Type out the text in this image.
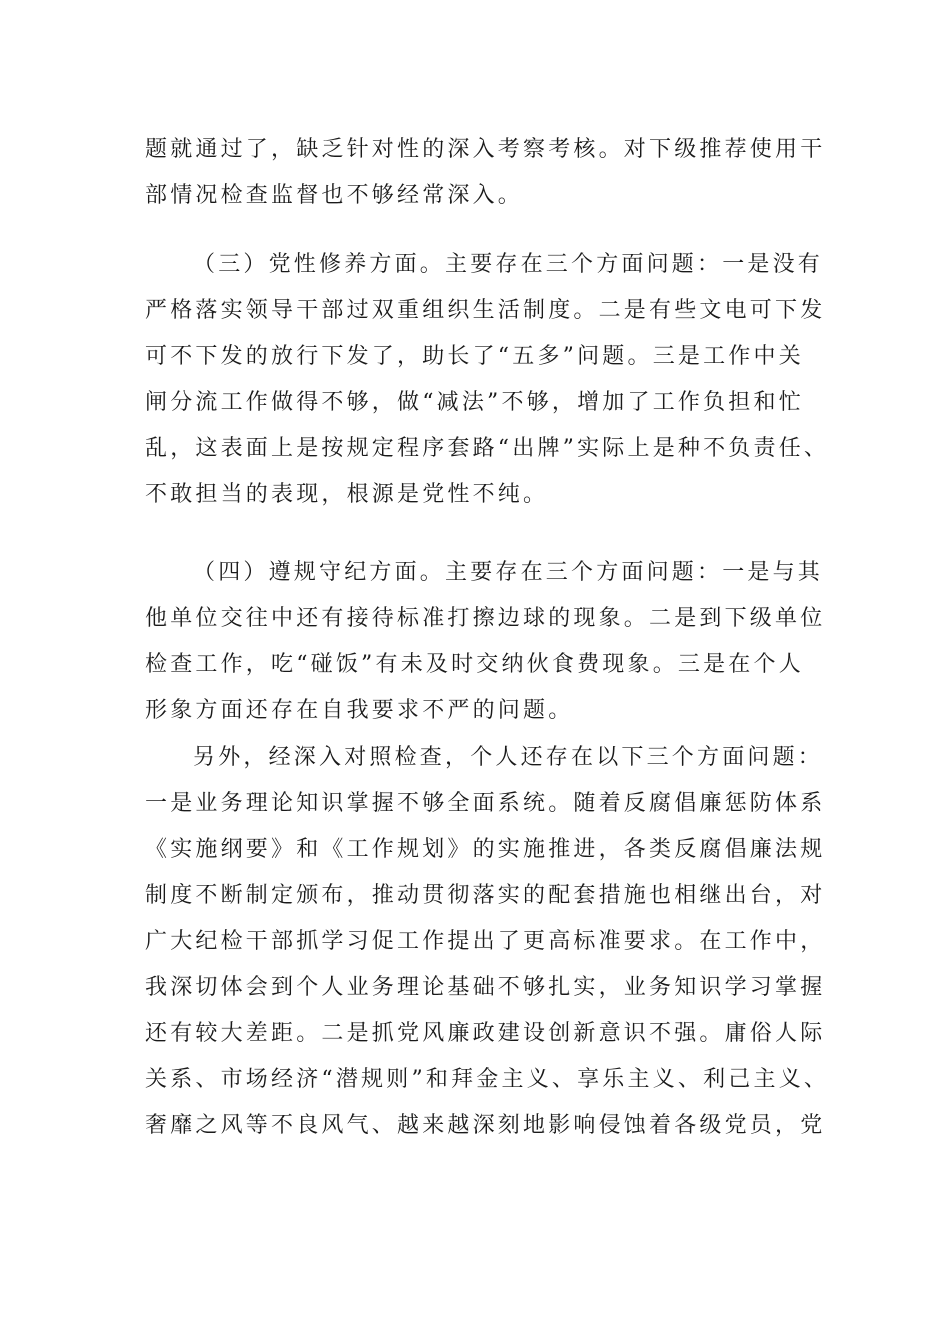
题就通过了，缺乏针对性的深入考察考核。对下级推荐使用干
部情况检查监督也不够经常深入。
（三）党性修养方面。主要存在三个方面问题：一是没有
严格落实领导干部过双重组织生活制度。二是有些文电可下发
可不下发的放行下发了，助长了“五多”问题。三是工作中关
闸分流工作做得不够，做“减法”不够，增加了工作负担和忙
乱，这表面上是按规定程序套路“出牌”实际上是种不负责任、
不敢担当的表现，根源是党性不纯。
（四）遵规守纪方面。主要存在三个方面问题：一是与其
他单位交往中还有接待标准打擦边球的现象。二是到下级单位
检查工作，吃“碰饭”有未及时交纳伙食费现象。三是在个人
形象方面还存在自我要求不严的问题。
另外，经深入对照检查，个人还存在以下三个方面问题：
一是业务理论知识掌握不够全面系统。随着反腐倡廉惩防体系
《实施纲要》和《工作规划》的实施推进，各类反腐倡廉法规
制度不断制定颁布，推动贯彻落实的配套措施也相继出台，对
广大纪检干部抓学习促工作提出了更高标准要求。在工作中，
我深切体会到个人业务理论基础不够扎实，业务知识学习掌握
还有较大差距。二是抓党风廉政建设创新意识不强。庸俗人际
关系、市场经济“潜规则”和拜金主义、享乐主义、利己主义、
奢靡之风等不良风气、越来越深刻地影响侵蚀着各级党员，党
